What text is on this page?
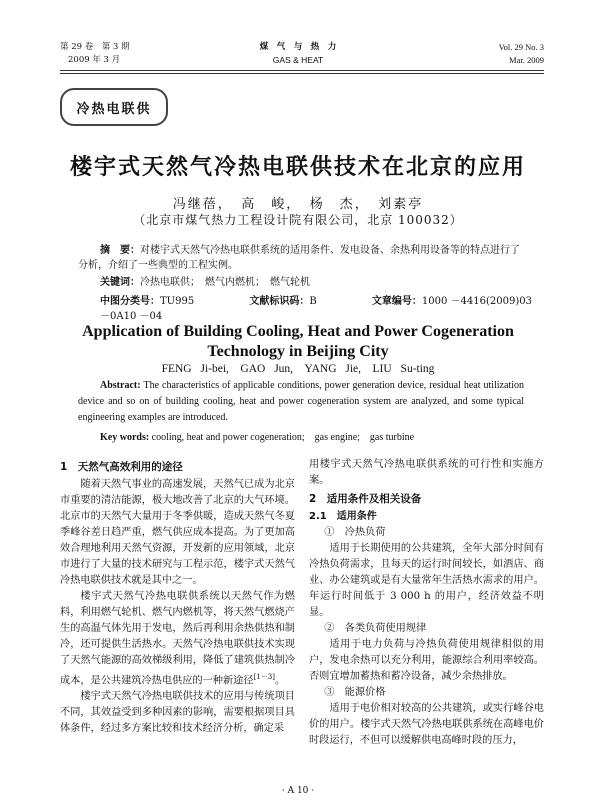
第 29 卷　第 3 期
2009 年 3 月
煤　气　与　热　力
GAS & HEAT
Vol. 29 No. 3
Mar. 2009
冷热电联供
楼宇式天然气冷热电联供技术在北京的应用
冯继蓓，　高　峻，　杨　杰，　刘素亭
（北京市煤气热力工程设计院有限公司，北京 100032）
摘　要：对楼宇式天然气冷热电联供系统的适用条件、发电设备、余热利用设备等的特点进行了分析，介绍了一些典型的工程实例。
关键词：冷热电联供；　燃气内燃机；　燃气轮机
中图分类号：TU995	文献标识码：B	文章编号：1000 －4416(2009)03 －0A10 －04
Application of Building Cooling, Heat and Power Cogeneration
Technology in Beijing City
FENG Ji-bei,　GAO Jun,　YANG Jie,　LIU Su-ting
Abstract: The characteristics of applicable conditions, power generation device, residual heat utilization device and so on of building cooling, heat and power cogeneration system are analyzed, and some typical engineering examples are introduced.
Key words: cooling, heat and power cogeneration;　gas engine;　gas turbine
1　天然气高效利用的途径

随着天然气事业的高速发展，天然气已成为北京市重要的清洁能源，极大地改善了北京的大气环境。北京市的天然气大量用于冬季供暖，造成天然气冬夏季峰谷差日趋严重，燃气供应成本提高。为了更加高效合理地利用天然气资源，开发新的应用领域，北京市进行了大量的技术研究与工程示范，楼宇式天然气冷热电联供技术就是其中之一。

楼宇式天然气冷热电联供系统以天然气作为燃料，利用燃气轮机、燃气内燃机等，将天然气燃烧产生的高温气体先用于发电，然后再利用余热供热和制冷，还可提供生活热水。天然气冷热电联供技术实现了天然气能源的高效梯级利用，降低了建筑供热制冷成本，是公共建筑冷热电供应的一种新途径[1－3]。

楼宇式天然气冷热电联供技术的应用与传统项目不同，其效益受到多种因素的影响，需要根据项目具体条件，经过多方案比较和技术经济分析，确定采

用楼宇式天然气冷热电联供系统的可行性和实施方案。

2　适用条件及相关设备
2.1　适用条件

①　冷热负荷

适用于长期使用的公共建筑，全年大部分时间有冷热负荷需求，且每天的运行时间较长，如酒店、商业、办公建筑或是有大量常年生活热水需求的用户。年运行时间低于 3 000 h 的用户，经济效益不明显。

②　各类负荷使用规律

适用于电力负荷与冷热负荷使用规律相似的用户，发电余热可以充分利用，能源综合利用率较高。否则宜增加蓄热和蓄冷设备，减少余热排放。

③　能源价格

适用于电价相对较高的公共建筑，或实行峰谷电价的用户。楼宇式天然气冷热电联供系统在高峰电价时段运行，不但可以缓解供电高峰时段的压力，

· A 10 ·
